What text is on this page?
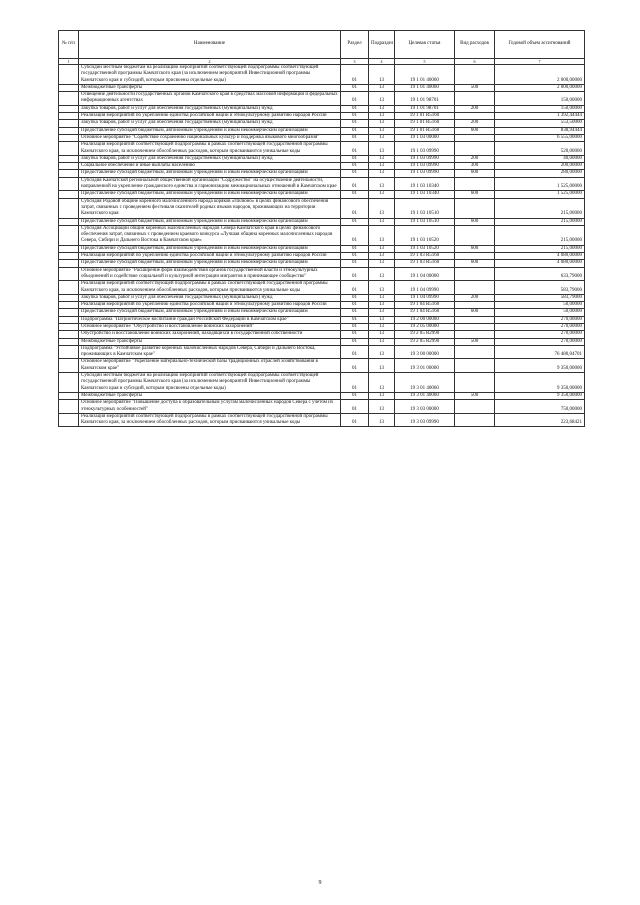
№ п/п	Наименование	Раздел	Подраздел	Целевая статья	Вид расходов	Годовой объем ассигнований
1	2	3	4	5	6	7
	Субсидии местным бюджетам на реализацию мероприятий соответствующей подпрограммы соответствующей государственной программы Камчатского края (за исключением мероприятий Инвестиционной программы Камчатского края и субсидий, которым присвоены отдельные коды)	01	13	19 1 01 40060		2 000,00000
	Межбюджетные трансферты	01	13	19 1 01 40060	500	2 000,00000
	Освещение деятельности государственных органов Камчатского края в средствах массовой информации и федеральных информационных агентствах	01	13	19 1 01 98701		150,00000
	Закупка товаров, работ и услуг для обеспечения государственных (муниципальных) нужд	01	13	19 1 01 98701	200	150,00000
	Реализация мероприятий по укреплению единства российской нации и этнокультурному развитию народов России	01	13	19 1 01 R5160		1 392,44444
	Закупка товаров, работ и услуг для обеспечения государственных (муниципальных) нужд	01	13	19 1 01 R5160	200	553,50000
	Предоставление субсидий бюджетным, автономным учреждениям и иным некоммерческим организациям	01	13	19 1 01 R5160	600	838,94444
	Основное мероприятие "Содействие сохранению национальных культур и поддержка языкового многообразия"	01	13	19 1 03 00000		6 555,00000
	Реализация мероприятий соответствующей подпрограммы в рамках соответствующей государственной программы Камчатского края, за исключением обособленных расходов, которым присваиваются уникальные коды	01	13	19 1 03 09990		520,00000
	Закупка товаров, работ и услуг для обеспечения государственных (муниципальных) нужд	01	13	19 1 03 09990	200	40,00000
	Социальное обеспечение и иные выплаты населению	01	13	19 1 03 09990	300	200,00000
	Предоставление субсидий бюджетным, автономным учреждениям и иным некоммерческим организациям	01	13	19 1 03 09990	600	280,00000
	Субсидия Камчатской региональной общественной организации "Содружество" на осуществление деятельности, направленной на укрепление гражданского единства и гармонизацию межнациональных отношений в Камчатском крае	01	13	19 1 03 10340		1 525,00000
	Предоставление субсидий бюджетным, автономным учреждениям и иным некоммерческим организациям	01	13	19 1 03 10340	600	1 525,00000
	Субсидия Родовой общине коренного малочисленного народа коряков «Пилюно» в целях финансового обеспечения затрат, связанных с проведением фестиваля сказителей родных языков народов, проживающих на территории Камчатского края	01	13	19 1 03 10510		215,00000
	Предоставление субсидий бюджетным, автономным учреждениям и иным некоммерческим организациям	01	13	19 1 03 10510	600	215,00000
	Субсидия Ассоциации общин коренных малочисленных народов Севера Камчатского края в целях финансового обеспечения затрат, связанных с проведением краевого конкурса «Лучшая община коренных малочисленных народов Севера, Сибири и Дальнего Востока в Камчатском крае»	01	13	19 1 03 10520		215,00000
	Предоставление субсидий бюджетным, автономным учреждениям и иным некоммерческим организациям	01	13	19 1 03 10520	600	215,00000
	Реализация мероприятий по укреплению единства российской нации и этнокультурному развитию народов России	01	13	19 1 03 R5160		4 080,00000
	Предоставление субсидий бюджетным, автономным учреждениям и иным некоммерческим организациям	01	13	19 1 03 R5160	600	4 080,00000
	Основное мероприятие "Расширение форм взаимодействия органов государственной власти и этнокультурных объединений и содействие социальной и культурной интеграции мигрантов в принимающее сообщество"	01	13	19 1 04 00000		633,79000
	Реализация мероприятий соответствующей подпрограммы в рамках соответствующей государственной программы Камчатского края, за исключением обособленных расходов, которым присваиваются уникальные коды	01	13	19 1 04 09990		583,79000
	Закупка товаров, работ и услуг для обеспечения государственных (муниципальных) нужд	01	13	19 1 04 09990	200	583,79000
	Реализация мероприятий по укреплению единства российской нации и этнокультурному развитию народов России	01	13	19 1 04 R5160		50,00000
	Предоставление субсидий бюджетным, автономным учреждениям и иным некоммерческим организациям	01	13	19 1 04 R5160	600	50,00000
	Подпрограмма "Патриотическое воспитание граждан Российской Федерации в Камчатском крае"	01	13	19 2 00 00000		270,00000
	Основное мероприятие "Обустройство и восстановление воинских захоронений"	01	13	19 2 05 00000		270,00000
	Обустройство и восстановление воинских захоронений, находящихся в государственной собственности	01	13	19 2 05 R2990		270,00000
	Межбюджетные трансферты	01	13	19 2 05 R2990	500	270,00000
	Подпрограмма "Устойчивое развитие коренных малочисленных народов Севера, Сибири и Дальнего Востока, проживающих в Камчатском крае"	01	13	19 3 00 00000		76 480,04701
	Основное мероприятие "Укрепление материально-технической базы традиционных отраслей хозяйствования в Камчатском крае"	01	13	19 3 01 00000		9 350,00000
	Субсидии местным бюджетам на реализацию мероприятий соответствующей подпрограммы соответствующей государственной программы Камчатского края (за исключением мероприятий Инвестиционной программы Камчатского края и субсидий, которым присвоены отдельные коды)	01	13	19 3 01 40060		9 350,00000
	Межбюджетные трансферты	01	13	19 3 01 40060	500	9 350,00000
	Основное мероприятие "Повышение доступа к образовательным услугам малочисленных народов Севера с учетом их этнокультурных особенностей"	01	13	19 3 03 00000		750,00000
	Реализация мероприятий соответствующей подпрограммы в рамках соответствующей государственной программы Камчатского края, за исключением обособленных расходов, которым присваиваются уникальные коды	01	13	19 3 03 09990		223,68421
9
